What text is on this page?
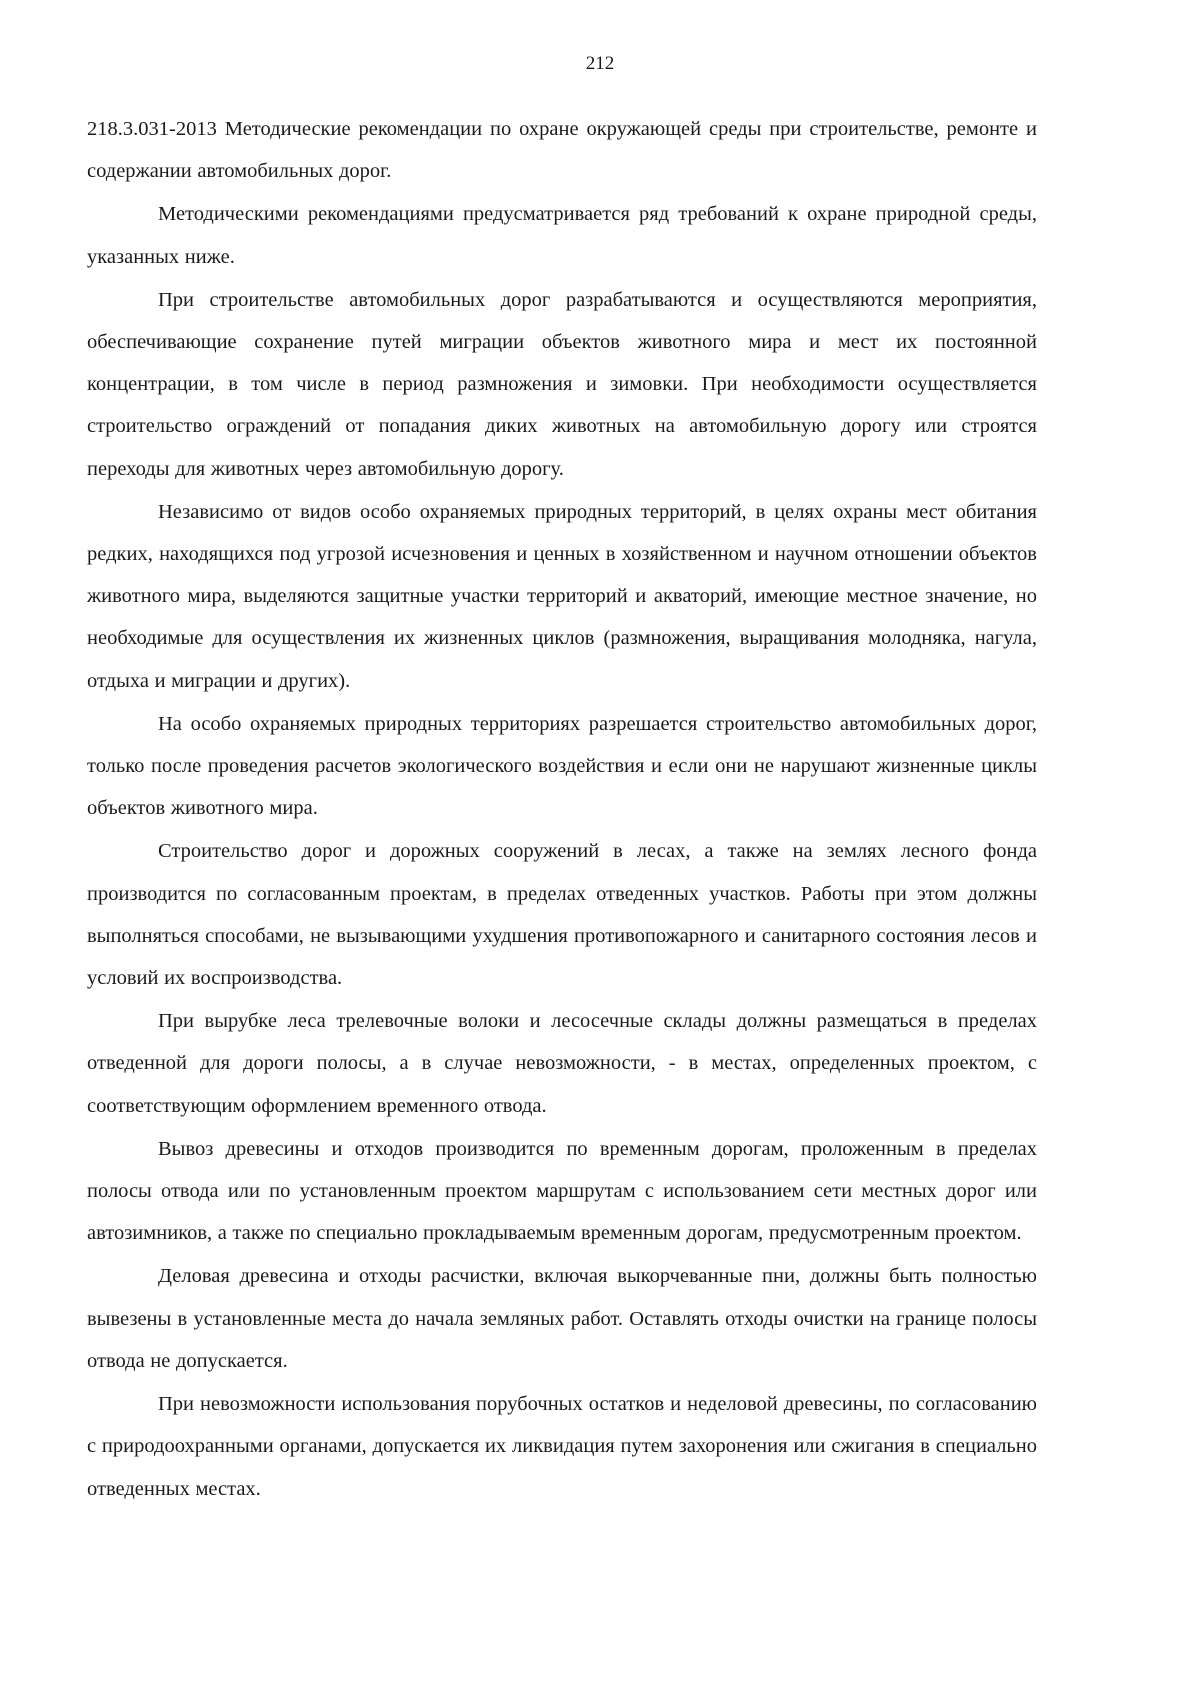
212

218.3.031-2013 Методические рекомендации по охране окружающей среды при строительстве, ремонте и содержании автомобильных дорог.

Методическими рекомендациями предусматривается ряд требований к охране природной среды, указанных ниже.

При строительстве автомобильных дорог разрабатываются и осуществляются мероприятия, обеспечивающие сохранение путей миграции объектов животного мира и мест их постоянной концентрации, в том числе в период размножения и зимовки. При необходимости осуществляется строительство ограждений от попадания диких животных на автомобильную дорогу или строятся переходы для животных через автомобильную дорогу.

Независимо от видов особо охраняемых природных территорий, в целях охраны мест обитания редких, находящихся под угрозой исчезновения и ценных в хозяйственном и научном отношении объектов животного мира, выделяются защитные участки территорий и акваторий, имеющие местное значение, но необходимые для осуществления их жизненных циклов (размножения, выращивания молодняка, нагула, отдыха и миграции и других).

На особо охраняемых природных территориях разрешается строительство автомобильных дорог, только после проведения расчетов экологического воздействия и если они не нарушают жизненные циклы объектов животного мира.

Строительство дорог и дорожных сооружений в лесах, а также на землях лесного фонда производится по согласованным проектам, в пределах отведенных участков. Работы при этом должны выполняться способами, не вызывающими ухудшения противопожарного и санитарного состояния лесов и условий их воспроизводства.

При вырубке леса трелевочные волоки и лесосечные склады должны размещаться в пределах отведенной для дороги полосы, а в случае невозможности, - в местах, определенных проектом, с соответствующим оформлением временного отвода.

Вывоз древесины и отходов производится по временным дорогам, проложенным в пределах полосы отвода или по установленным проектом маршрутам с использованием сети местных дорог или автозимников, а также по специально прокладываемым временным дорогам, предусмотренным проектом.

Деловая древесина и отходы расчистки, включая выкорчеванные пни, должны быть полностью вывезены в установленные места до начала земляных работ. Оставлять отходы очистки на границе полосы отвода не допускается.

При невозможности использования порубочных остатков и неделовой древесины, по согласованию с природоохранными органами, допускается их ликвидация путем захоронения или сжигания в специально отведенных местах.
